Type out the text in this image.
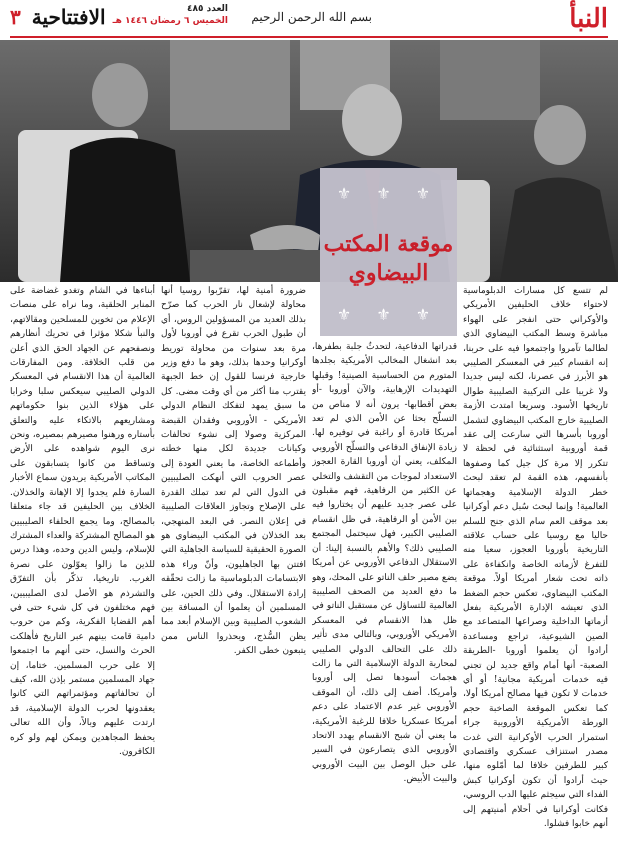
النبأ
بسم الله الرحمن الرحيم
العدد ٤٨٥
الخميس ٦ رمضان ١٤٤٦ هـ
الافتتاحية ٣
⚜ ⚜ ⚜
موقعة المكتب البيضاوي
⚜ ⚜ ⚜

لم تتسع كل مسارات الدبلوماسية لاحتواء خلاف الحليفين الأمريكي والأوكراني حتى انفجر على الهواء مباشرة وسط المكتب البيضاوي الذي لطالما تآمروا واجتمعوا فيه على حربنا، إنه انقسام كبير في المعسكر الصليبي هو الأبرز في عصرنا، لكنه ليس جديدا ولا غريبا على التركيبة الصليبية طوال تاريخها الأسود. وسريعا امتدت الأزمة الصليبية خارج المكتب البيضاوي لتشمل أوروبا بأسرها التي سارعت إلى عقد قمة أوروبية استثنائية في لحظة لا تتكرر إلا مرة كل جيل كما وصفوها بأنفسهم، هذه القمة لم تعقد لبحث خطر الدولة الإسلامية وهجماتها العالمية! وإنما لبحث سُبل دعم أوكرانيا بعد موقف العم سام الذي جنح للسلم حاليا مع روسيا على حساب علاقته التاريخية بأوروبا العجوز، سعيا منه للتفرغ لأزماته الخاصة وانكفاءة على ذاته تحت شعار أمريكا أولاً. موقعة المكتب البيضاوي، تعكس حجم الضغط الذي تعيشه الإدارة الأمريكية بفعل أزماتها الداخلية وصراعها المتصاعد مع الصين الشيوعية، تراجع ومساعدة أرادوا أن يعلموا أوروبا -الطريقة الصعبة- أنها أمام واقع جديد لن تجني فيه خدمات أمريكية مجانية! أو أي خدمات لا تكون فيها مصالح أمريكا أولا، كما تعكس الموقعة الصاخبة حجم الورطة الأمريكية الأوروبية جراء استمرار الحرب الأوكرانية التي غدت مصدر استنزاف عسكري واقتصادي كبير للطرفين خلافا لما أمّلوه منها، حيث أرادوا أن تكون أوكرانيا كبش الفداء التي سيجثم عليها الدب الروسي، فكانت أوكرانيا في أحلام أمنيتهم إلى أنهم خابوا فشلوا.

قدراتها الدفاعية، لتحدثُ جلبة بطفرها، بعد انشغال المخالب الأمريكية بجلدها المتورم من الحساسية الصينية! وقبلها التهديدات الإرهابية، والآن أوروبا -أو بعض أقطابها- يرون أنه لا مناص من التسلّح بحثا عن الأمن الذي لم تعد أمريكا قادرة أو راغبة في توفيره لها. زيادة الإنفاق الدفاعي والتسلّح الأوروبي المكلف، يعني أن أوروبا القارة العجوز الاستعداد لموجات من التقشف والتخلي عن الكثير من الرفاهية، فهم مقبلون على عصر جديد عليهم أن يختاروا فيه بين الأمن أو الرفاهية، في ظل انقسام الصليبي الكبير، فهل سيحتمل المجتمع الصليبي ذلك؟ والأهم بالنسبة إلينا: أن الاستقلال الدفاعي الأوروبي عن أمريكا يضع مصير حلف الناتو على المحك، وهو ما دفع العديد من الصحف الصليبية العالمية للتساؤل عن مستقبل الناتو في ظل هذا الانقسام في المعسكر الأمريكي الأوروبي، وبالتالي مدى تأثير ذلك على التحالف الدولي الصليبي لمحاربة الدولة الإسلامية التي ما زالت هجمات أسودها تصل إلى أوروبا وأمريكا. أضف إلى ذلك، أن الموقف الأوروبي غير عدم الاعتماد على دعم أمريكا عسكريا خلافا للرغبة الأمريكية، ما يعني أن شبح الانقسام يهدد الاتحاد الأوروبي الذي يتصارعون في السير على حبل الوصل بين البيت الأوروبي والبيت الأبيض.

ضرورة أمنية لها، تقرّبوا روسيا أنها محاولة لإشعال نار الحرب كما صرّح بذلك العديد من المسؤولين الروس، أي أن طبول الحرب تقرع في أوروبا لأول مرة بعد سنوات من محاولة توريط أوكرانيا وحدها بذلك، وهو ما دفع وزير خارجية فرنسا للقول إن خط الجبهة يقترب منا أكثر من أي وقت مضى. كل ما سبق يمهد لتفكك النظام الدولي الأمريكي - الأوروبي وفقدان القبضة المركزية وصولا إلى نشوء تحالفات وكيانات جديدة لكل منها خطته وأطماعه الخاصة، ما يعني العودة إلى عصر الحروب التي أنهكت الصليبيين في الدول التي لم تعد تملك القدرة على الإصلاح وتجاوز العلاقات الصليبية في إعلان النصر. في البعد المنهجي، بعد الخذلان في المكتب البيضاوي هو الصورة الحقيقية للسياسة الجاهلية التي افتتن بها الجاهليون، وأنّ وراء هذه الابتسامات الدبلوماسية ما زالت تحقّقه إرادة الاستقلال. وفي ذلك الحين، على المسلمين أن يعلموا أن المسافة بين الشعوب الصليبية وبين الإسلام أبعد مما يظن السُّذج، ويحذروا الناس ممن يتبعون خطى الكفر.

أبناءها في الشام وتغدو غضاضة على المنابر الحلقية، وما نراه على منصات الإعلام من تخوين للمسلحين ومقالاتهم، والنبأ شكلا مؤثرا في تحريك أنظارهم ونصفحهم عن الجهاد الحق الذي أعلن من قلب الخلافة. ومن المفارقات العالمية أن هذا الانقسام في المعسكر الدولي الصليبي سيعكس سلبا وخرابا على هؤلاء الذين بنوا حكوماتهم ومشاريعهم بالاتكاء عليه والتعلق بأستاره ورهنوا مصيرهم بمصيره، ونحن نرى اليوم شواهده على الأرض وتساقط من كانوا يتسابقون على المكاتب الأمريكية يريدون سماع الأخبار السارة فلم يجدوا إلا الإهانة والخذلان. الخلاف بين الحليفين قد جاء متعلقا بالمصالح، وما يجمع الحلفاء الصليبيين هو المصالح المشتركة والعداء المشترك للإسلام، وليس الدين وحده، وهذا درس للذين ما زالوا يعوّلون على نصرة الغرب. تاريخيا، تذكّر بأن التفرّق والتشرذم هو الأصل لدى الصليبيين، فهم مختلفون في كل شيء حتى في أهم القضايا الفكرية، وكم من حروب دامية قامت بينهم عبر التاريخ فأهلكت الحرث والنسل، حتى أنهم ما اجتمعوا إلا على حرب المسلمين. ختاما، إن جهاد المسلمين مستمر بإذن الله، كيف أن تحالفاتهم ومؤتمراتهم التي كانوا يعقدونها لحرب الدولة الإسلامية، قد ارتدت عليهم وبالاً، وأن الله تعالى يحفظ المجاهدين ويمكن لهم ولو كره الكافرون.
